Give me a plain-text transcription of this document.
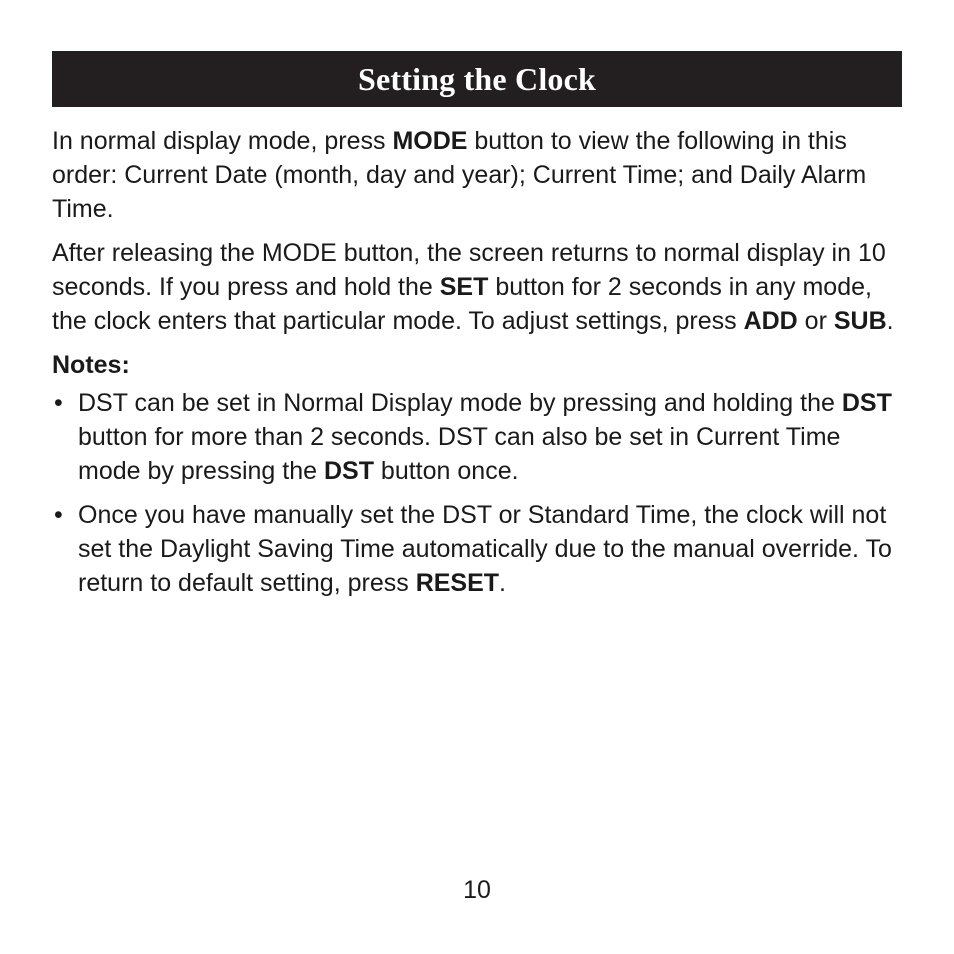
Setting the Clock

In normal display mode, press MODE button to view the following in this order: Current Date (month, day and year); Current Time; and Daily Alarm Time.

After releasing the MODE button, the screen returns to normal display in 10 seconds. If you press and hold the SET button for 2 seconds in any mode, the clock enters that particular mode. To adjust settings, press ADD or SUB.

Notes:
• DST can be set in Normal Display mode by pressing and holding the DST button for more than 2 seconds. DST can also be set in Current Time mode by pressing the DST button once.
• Once you have manually set the DST or Standard Time, the clock will not set the Daylight Saving Time automatically due to the manual override. To return to default setting, press RESET.
10
